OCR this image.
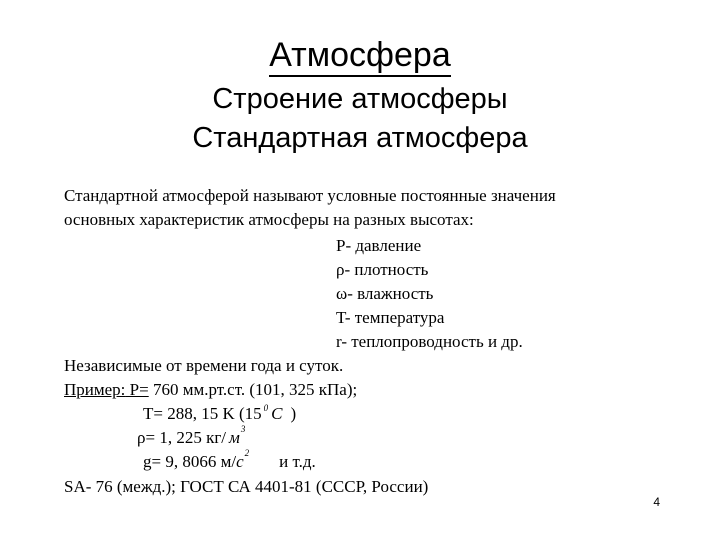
Атмосфера
Строение атмосферы
Стандартная атмосфера
Стандартной атмосферой называют условные постоянные значения
основных характеристик атмосферы на разных высотах:
P- давление
ρ- плотность
ω- влажность
T- температура
r- теплопроводность и др.
Независимые от времени года и суток.
Пример: P= 760 мм.рт.ст. (101, 325 кПа);
T= 288, 15 K (15 $^0$ C )
ρ= 1, 225 кг/ $м^3$
g= 9, 8066 $м/c^2$ и т.д.
SA- 76 (межд.); ГОСТ СА 4401-81 (СССР, России)
4
